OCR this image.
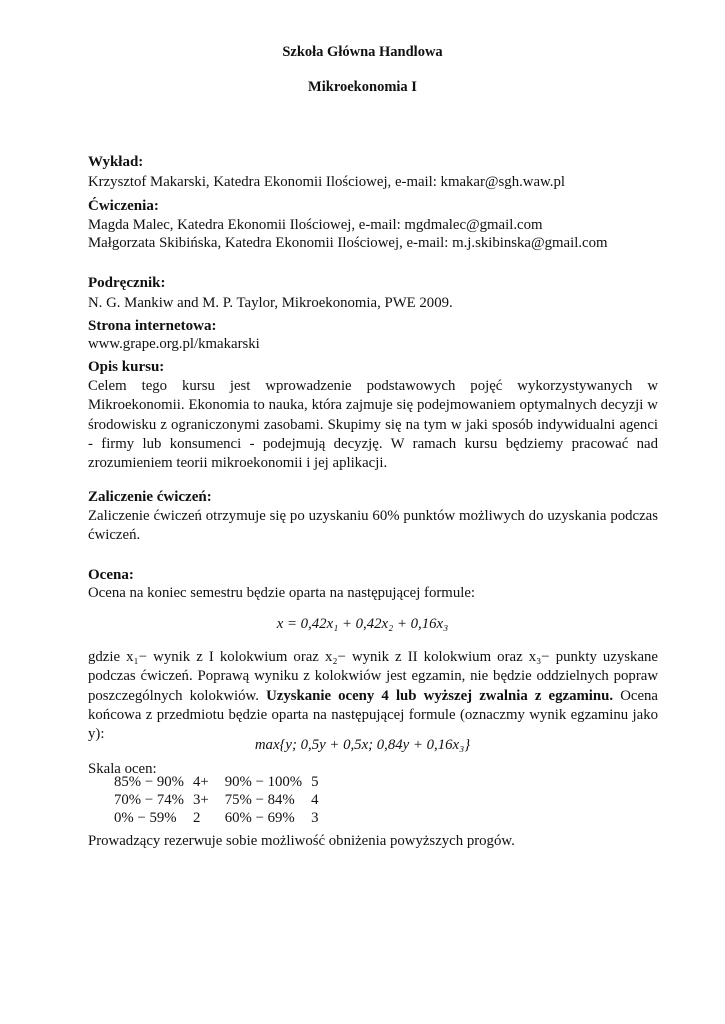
Szkoła Główna Handlowa
Mikroekonomia I
Wykład:
Krzysztof Makarski, Katedra Ekonomii Ilościowej, e-mail: kmakar@sgh.waw.pl
Ćwiczenia:
Magda Malec, Katedra Ekonomii Ilościowej, e-mail: mgdmalec@gmail.com
Małgorzata Skibińska, Katedra Ekonomii Ilościowej, e-mail: m.j.skibinska@gmail.com
Podręcznik:
N. G. Mankiw and M. P. Taylor, Mikroekonomia, PWE 2009.
Strona internetowa:
www.grape.org.pl/kmakarski
Opis kursu:
Celem tego kursu jest wprowadzenie podstawowych pojęć wykorzystywanych w Mikroekonomii. Ekonomia to nauka, która zajmuje się podejmowaniem optymalnych decyzji w środowisku z ograniczonymi zasobami. Skupimy się na tym w jaki sposób indywidualni agenci - firmy lub konsumenci - podejmują decyzję. W ramach kursu będziemy pracować nad zrozumieniem teorii mikroekonomii i jej aplikacji.
Zaliczenie ćwiczeń:
Zaliczenie ćwiczeń otrzymuje się po uzyskaniu 60% punktów możliwych do uzyskania podczas ćwiczeń.
Ocena:
Ocena na koniec semestru będzie oparta na następującej formule:
x = 0,42x₁ + 0,42x₂ + 0,16x₃
gdzie x₁− wynik z I kolokwium oraz x₂− wynik z II kolokwium oraz x₃− punkty uzyskane podczas ćwiczeń. Poprawą wyniku z kolokwiów jest egzamin, nie będzie oddzielnych popraw poszczególnych kolokwiów. Uzyskanie oceny 4 lub wyższej zwalnia z egzaminu. Ocena końcowa z przedmiotu będzie oparta na następującej formule (oznaczmy wynik egzaminu jako y):
max{y; 0,5y + 0,5x; 0,84y + 0,16x₃}
Skala ocen:
85% − 90%	4+	90% − 100%	5
70% − 74%	3+	75% − 84%	4
0% − 59%	2	60% − 69%	3
Prowadzący rezerwuje sobie możliwość obniżenia powyższych progów.
